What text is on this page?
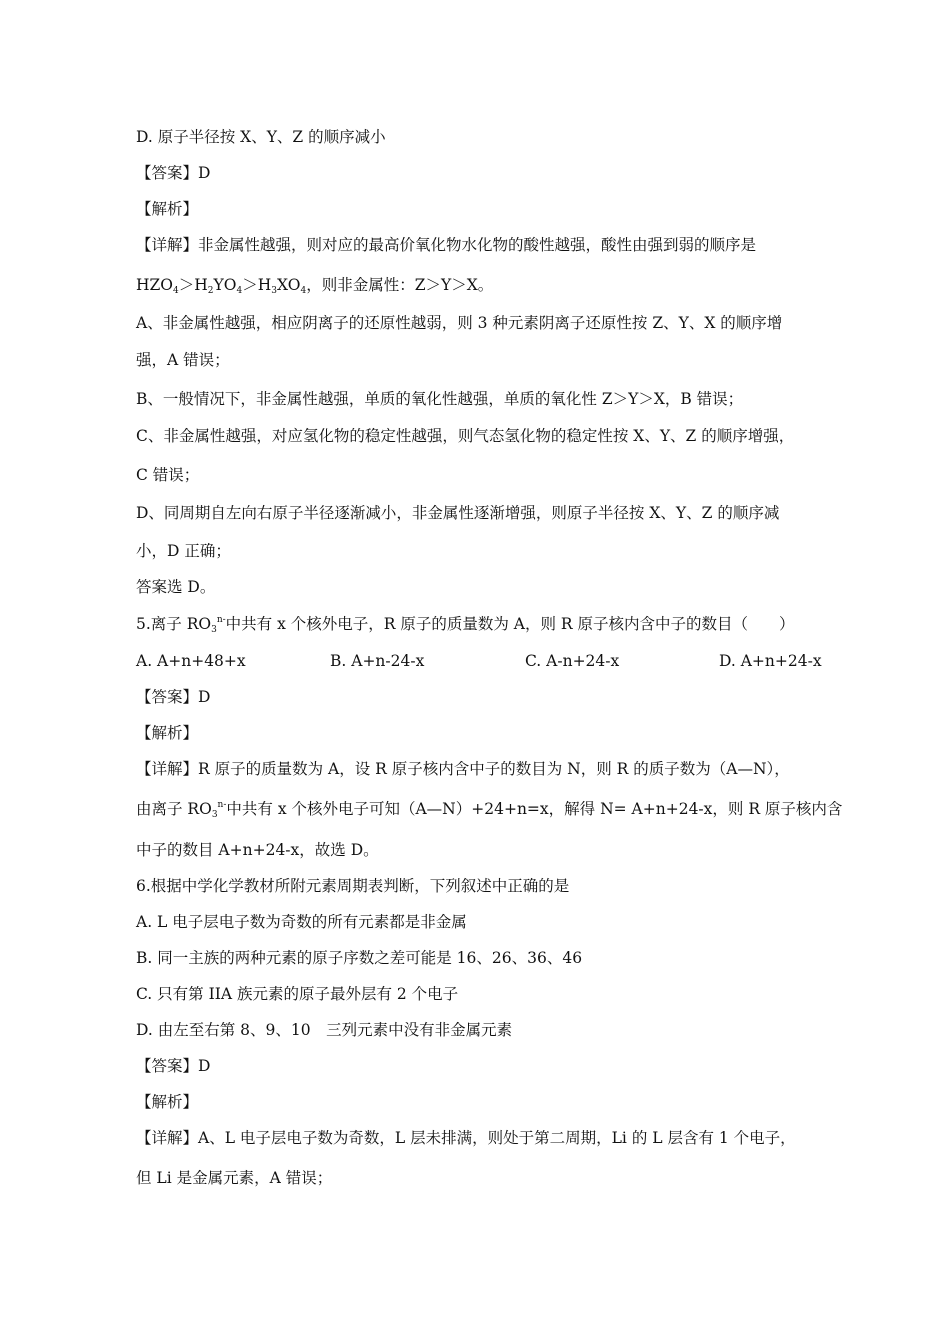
D. 原子半径按 X、Y、Z 的顺序减小
【答案】D
【解析】
【详解】非金属性越强，则对应的最高价氧化物水化物的酸性越强，酸性由强到弱的顺序是
$HZO_4>H_2YO_4>H_3XO_4$，则非金属性：Z＞Y＞X。
A、非金属性越强，相应阴离子的还原性越弱，则 3 种元素阴离子还原性按 Z、Y、X 的顺序增
强，A 错误；
B、一般情况下，非金属性越强，单质的氧化性越强，单质的氧化性 Z＞Y＞X，B 错误；
C、非金属性越强，对应氢化物的稳定性越强，则气态氢化物的稳定性按 X、Y、Z 的顺序增强，
C 错误；
D、同周期自左向右原子半径逐渐减小，非金属性逐渐增强，则原子半径按 X、Y、Z 的顺序减
小，D 正确；
答案选 D。
5.离子 $RO_3^{n-}$中共有 x 个核外电子，R 原子的质量数为 A，则 R 原子核内含中子的数目（　　）
A. A+n+48+x	B. A+n-24-x	C. A-n+24-x	D. A+n+24-x
【答案】D
【解析】
【详解】R 原子的质量数为 A，设 R 原子核内含中子的数目为 N，则 R 的质子数为（A—N），
由离子 $RO_3^{n-}$中共有 x 个核外电子可知（A—N）+24+n=x，解得 N= A+n+24-x，则 R 原子核内含
中子的数目 A+n+24-x，故选 D。
6.根据中学化学教材所附元素周期表判断，下列叙述中正确的是
A. L 电子层电子数为奇数的所有元素都是非金属
B. 同一主族的两种元素的原子序数之差可能是 16、26、36、46
C. 只有第 IIA 族元素的原子最外层有 2 个电子
D. 由左至右第 8、9、10　三列元素中没有非金属元素
【答案】D
【解析】
【详解】A、L 电子层电子数为奇数，L 层未排满，则处于第二周期，Li 的 L 层含有 1 个电子，
但 Li 是金属元素，A 错误；
